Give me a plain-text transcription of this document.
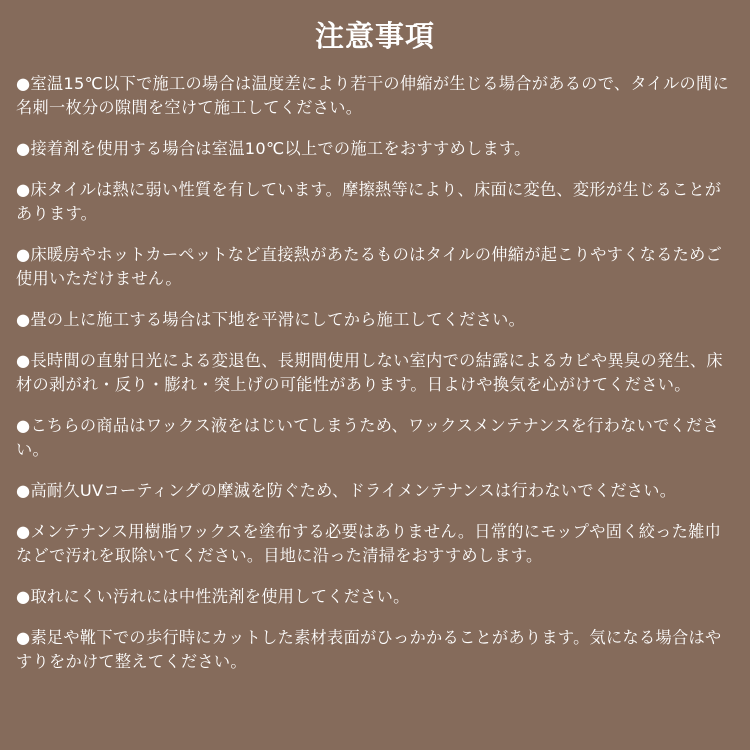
注意事項
●室温15℃以下で施工の場合は温度差により若干の伸縮が生じる場合があるので、タイルの間に名刺一枚分の隙間を空けて施工してください。
●接着剤を使用する場合は室温10℃以上での施工をおすすめします。
●床タイルは熱に弱い性質を有しています。摩擦熱等により、床面に変色、変形が生じることがあります。
●床暖房やホットカーペットなど直接熱があたるものはタイルの伸縮が起こりやすくなるためご使用いただけません。
●畳の上に施工する場合は下地を平滑にしてから施工してください。
●長時間の直射日光による変退色、長期間使用しない室内での結露によるカビや異臭の発生、床材の剥がれ・反り・膨れ・突上げの可能性があります。日よけや換気を心がけてください。
●こちらの商品はワックス液をはじいてしまうため、ワックスメンテナンスを行わないでください。
●高耐久UVコーティングの摩滅を防ぐため、ドライメンテナンスは行わないでください。
●メンテナンス用樹脂ワックスを塗布する必要はありません。日常的にモップや固く絞った雑巾などで汚れを取除いてください。目地に沿った清掃をおすすめします。
●取れにくい汚れには中性洗剤を使用してください。
●素足や靴下での歩行時にカットした素材表面がひっかかることがあります。気になる場合はやすりをかけて整えてください。
